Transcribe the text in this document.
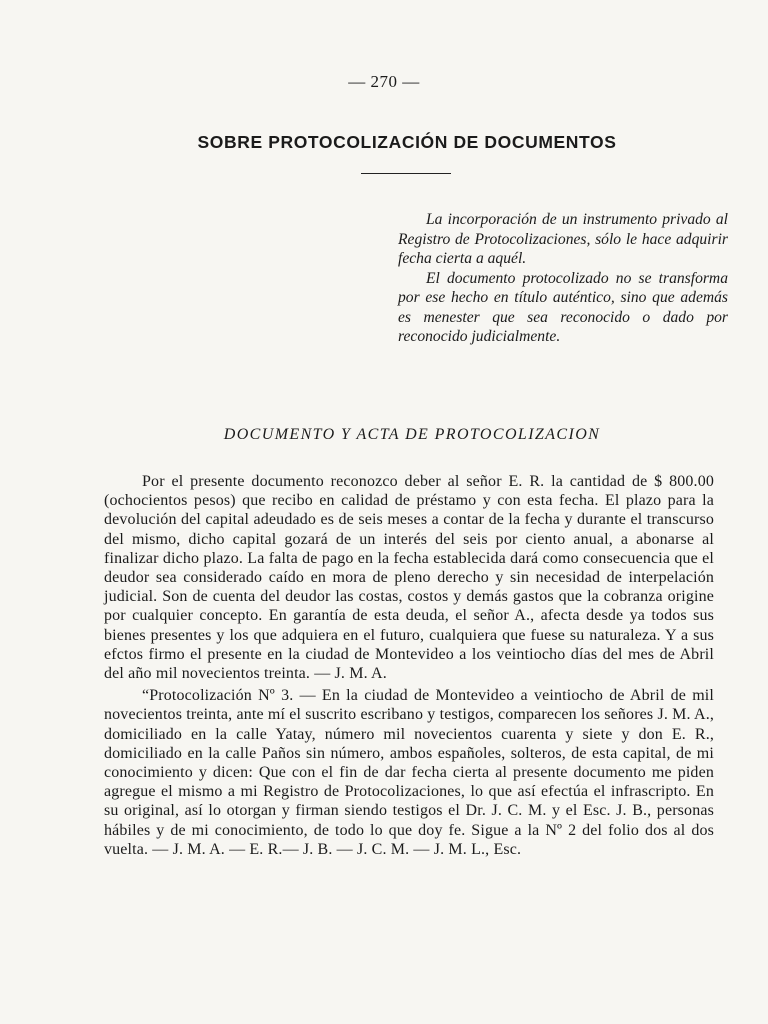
— 270 —
SOBRE PROTOCOLIZACIÓN DE DOCUMENTOS

La incorporación de un instrumento privado al Registro de Protocolizaciones, sólo le hace adquirir fecha cierta a aquél.

El documento protocolizado no se transforma por ese hecho en título auténtico, sino que además es menester que sea reconocido o dado por reconocido judicialmente.

DOCUMENTO Y ACTA DE PROTOCOLIZACION

Por el presente documento reconozco deber al señor E. R. la cantidad de $ 800.00 (ochocientos pesos) que recibo en calidad de préstamo y con esta fecha. El plazo para la devolución del capital adeudado es de seis meses a contar de la fecha y durante el transcurso del mismo, dicho capital gozará de un interés del seis por ciento anual, a abonarse al finalizar dicho plazo. La falta de pago en la fecha establecida dará como consecuencia que el deudor sea considerado caído en mora de pleno derecho y sin necesidad de interpelación judicial. Son de cuenta del deudor las costas, costos y demás gastos que la cobranza origine por cualquier concepto. En garantía de esta deuda, el señor A., afecta desde ya todos sus bienes presentes y los que adquiera en el futuro, cualquiera que fuese su naturaleza. Y a sus efctos firmo el presente en la ciudad de Montevideo a los veintiocho días del mes de Abril del año mil novecientos treinta. — J. M. A.

“Protocolización Nº 3. — En la ciudad de Montevideo a veintiocho de Abril de mil novecientos treinta, ante mí el suscrito escribano y testigos, comparecen los señores J. M. A., domiciliado en la calle Yatay, número mil novecientos cuarenta y siete y don E. R., domiciliado en la calle Paños sin número, ambos españoles, solteros, de esta capital, de mi conocimiento y dicen: Que con el fin de dar fecha cierta al presente documento me piden agregue el mismo a mi Registro de Protocolizaciones, lo que así efectúa el infrascripto. En su original, así lo otorgan y firman siendo testigos el Dr. J. C. M. y el Esc. J. B., personas hábiles y de mi conocimiento, de todo lo que doy fe. Sigue a la Nº 2 del folio dos al dos vuelta. — J. M. A. — E. R.— J. B. — J. C. M. — J. M. L., Esc.
